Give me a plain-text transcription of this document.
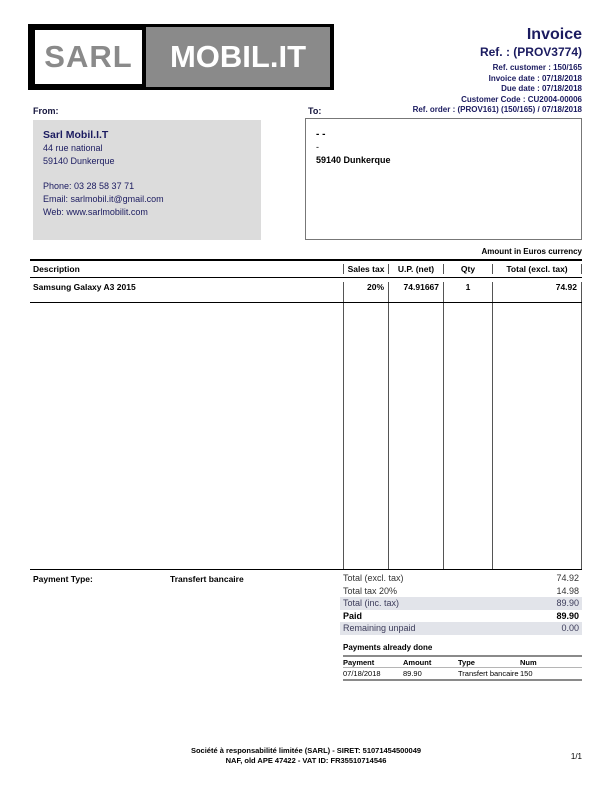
SARL	MOBIL.IT
Invoice
Ref. : (PROV3774)
Ref. customer : 150/165
Invoice date : 07/18/2018
Due date : 07/18/2018
Customer Code : CU2004-00006
Ref. order : (PROV161) (150/165) / 07/18/2018
From:
Sarl Mobil.I.T
44 rue national
59140 Dunkerque
Phone: 03 28 58 37 71
Email: sarlmobil.it@gmail.com
Web: www.sarlmobilit.com
To:
- -
-
59140 Dunkerque
Amount in Euros currency
Description	Sales tax	U.P. (net)	Qty	Total (excl. tax)
Samsung Galaxy A3 2015	20%	74.91667	1	74.92
Payment Type:	Transfert bancaire	Total (excl. tax)	74.92
Total tax 20%	14.98
Total (inc. tax)	89.90
Paid	89.90
Remaining unpaid	0.00
Payments already done
Payment	Amount	Type	Num
07/18/2018	89.90	Transfert bancaire 150
Société à responsabilité limitée (SARL) - SIRET: 51071454500049
NAF, old APE 47422 - VAT ID: FR35510714546	1/1
